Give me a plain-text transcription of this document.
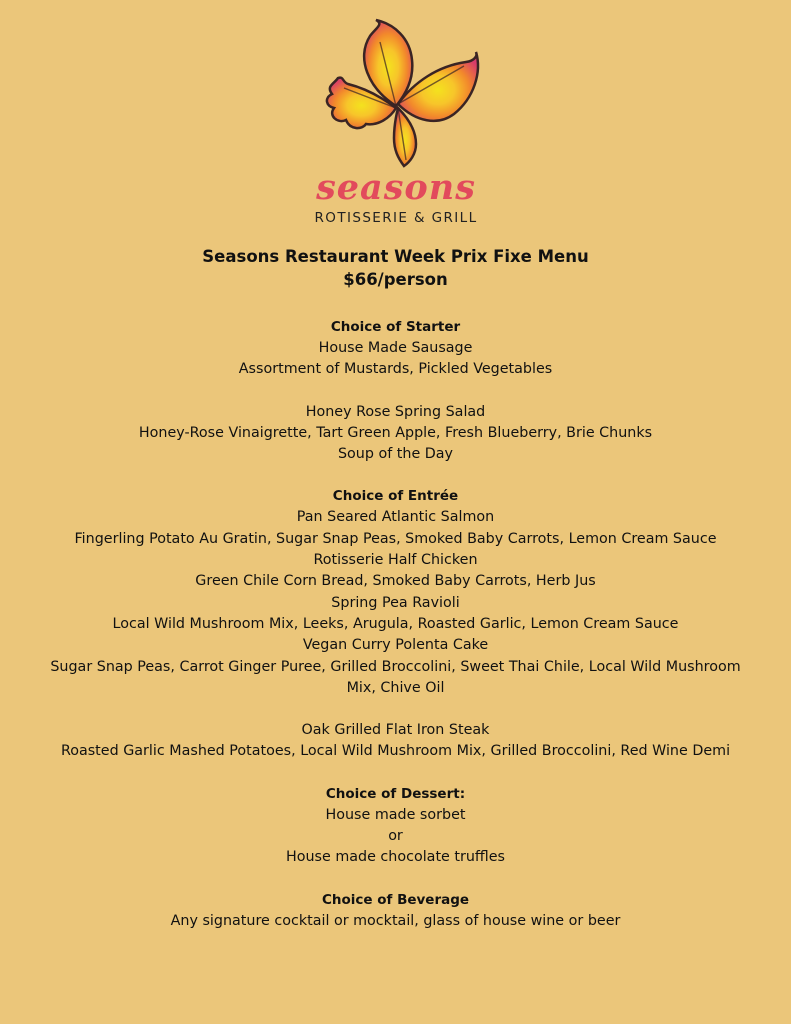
seasons
ROTISSERIE & GRILL

Seasons Restaurant Week Prix Fixe Menu

$66/person

Choice of Starter

House Made Sausage

Assortment of Mustards, Pickled Vegetables

Honey Rose Spring Salad

Honey-Rose Vinaigrette, Tart Green Apple, Fresh Blueberry, Brie Chunks

Soup of the Day

Choice of Entrée

Pan Seared Atlantic Salmon

Fingerling Potato Au Gratin, Sugar Snap Peas, Smoked Baby Carrots, Lemon Cream Sauce

Rotisserie Half Chicken

Green Chile Corn Bread, Smoked Baby Carrots, Herb Jus

Spring Pea Ravioli

Local Wild Mushroom Mix, Leeks, Arugula, Roasted Garlic, Lemon Cream Sauce

Vegan Curry Polenta Cake

Sugar Snap Peas, Carrot Ginger Puree, Grilled Broccolini, Sweet Thai Chile, Local Wild Mushroom

Mix, Chive Oil

Oak Grilled Flat Iron Steak

Roasted Garlic Mashed Potatoes, Local Wild Mushroom Mix, Grilled Broccolini, Red Wine Demi

Choice of Dessert:

House made sorbet

or

House made chocolate truffles

Choice of Beverage

Any signature cocktail or mocktail, glass of house wine or beer
